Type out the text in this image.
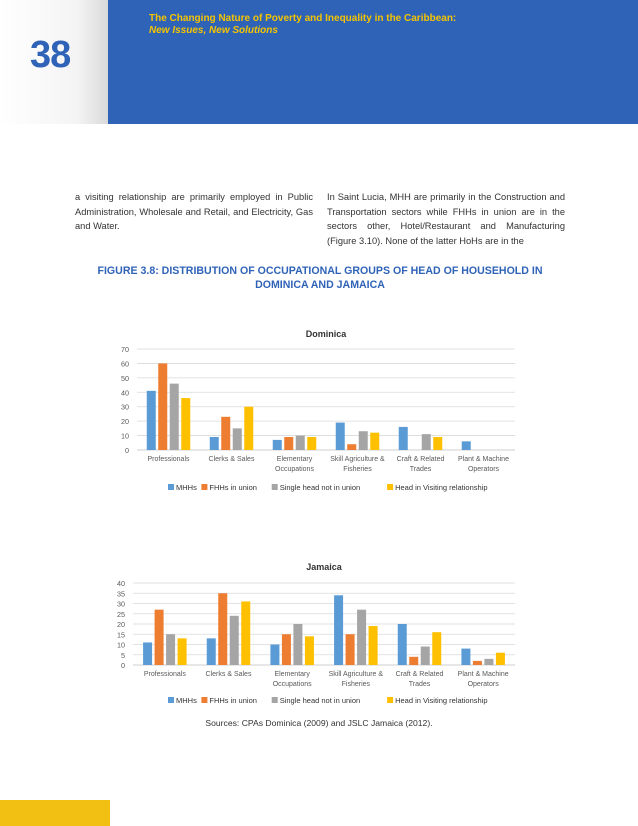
38
The Changing Nature of Poverty and Inequality in the Caribbean:
New Issues, New Solutions
a visiting relationship are primarily employed in Public Administration, Wholesale and Retail, and Electricity, Gas and Water.
In Saint Lucia, MHH are primarily in the Construction and Transportation sectors while FHHs in union are in the sectors other, Hotel/Restaurant and Manufacturing (Figure 3.10). None of the latter HoHs are in the
FIGURE 3.8: DISTRIBUTION OF OCCUPATIONAL GROUPS OF HEAD OF HOUSEHOLD IN
DOMINICA AND JAMAICA
Dominica
0
10
20
30
40
50
60
70
Professionals	Clerks & Sales	Elementary
Occupations
Skill Agriculture &
Fisheries
Craft & Related
Trades
Plant & Machine
Operators
MHHs FHHs in union	Single head not in union	Head in Visiting relationship
Jamaica
0
5
10
15
20
25
30
35
40
Professionals	Clerks & Sales	Elementary
Occupations
Skill Agriculture &
Fisheries
Craft & Related
Trades
Plant & Machine
Operators
MHHs FHHs in union	Single head not in union	Head in Visiting relationship
Sources: CPAs Dominica (2009) and JSLC Jamaica (2012).
